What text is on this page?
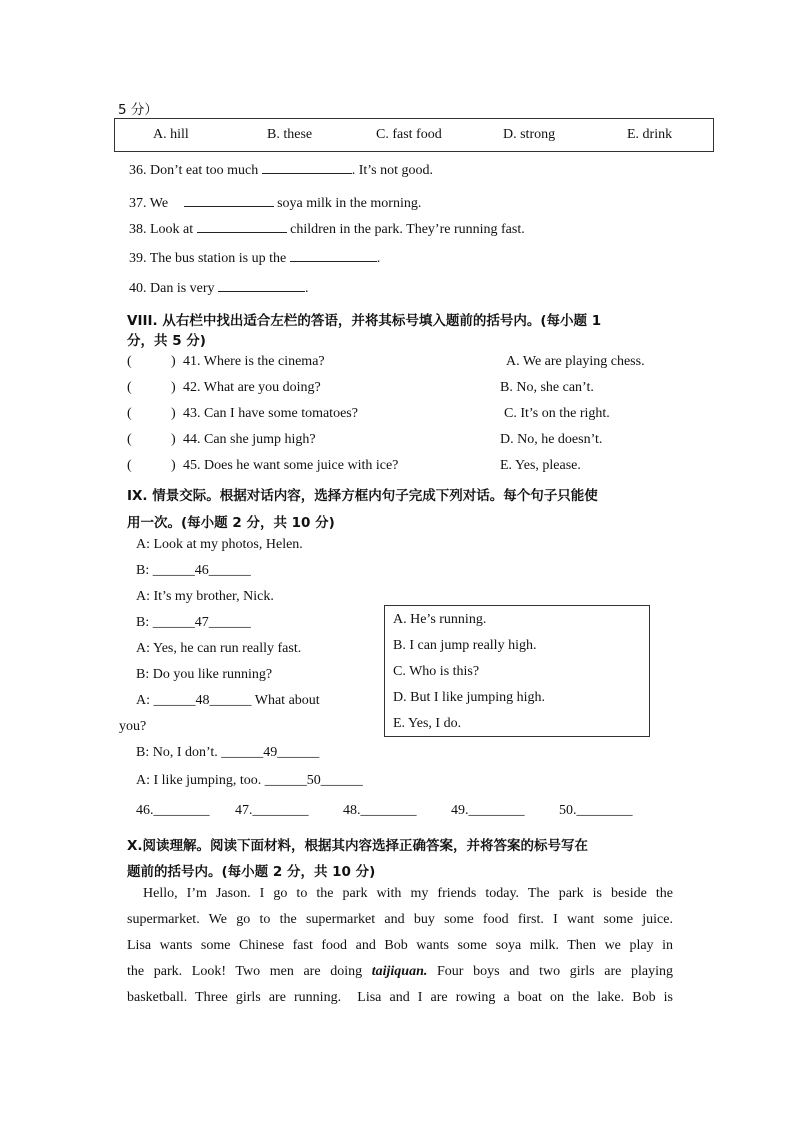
5 分）
A. hill	B. these	C. fast food	D. strong	E. drink
36. Don’t eat too much	. It’s not good.
37. We	soya milk in the morning.
38. Look at	children in the park. They’re running fast.
39. The bus station is up the	.
40. Dan is very	.
VIII. 从右栏中找出适合左栏的答语，并将其标号填入题前的括号内。(每小题 1
分，共 5 分)
(	) 41. Where is the cinema?	A. We are playing chess.
(	) 42. What are you doing?	B. No, she can’t.
(	) 43. Can I have some tomatoes?	C. It’s on the right.
(	) 44. Can she jump high?	D. No, he doesn’t.
(	) 45. Does he want some juice with ice?	E. Yes, please.
IX. 情景交际。根据对话内容，选择方框内句子完成下列对话。每个句子只能使
用一次。(每小题 2 分，共 10 分)
A: Look at my photos, Helen.
B: ______46______
A: It’s my brother, Nick.
B: ______47______
A: Yes, he can run really fast.
B: Do you like running?
A: ______48______ What about
you?
B: No, I don’t. ______49______
A: I like jumping, too. ______50______
A. He’s running.
B. I can jump really high.
C. Who is this?
D. But I like jumping high.
E. Yes, I do.
46.________ 47.________ 48.________ 49.________ 50.________
X.阅读理解。阅读下面材料，根据其内容选择正确答案，并将答案的标号写在
题前的括号内。(每小题 2 分，共 10 分)
Hello, I’m Jason. I go to the park with my friends today. The park is beside the
supermarket. We go to the supermarket and buy some food first. I want some juice.
Lisa wants some Chinese fast food and Bob wants some soya milk. Then we play in
the park. Look! Two men are doing taijiquan. Four boys and two girls are playing
basketball. Three girls are running. Lisa and I are rowing a boat on the lake. Bob is
